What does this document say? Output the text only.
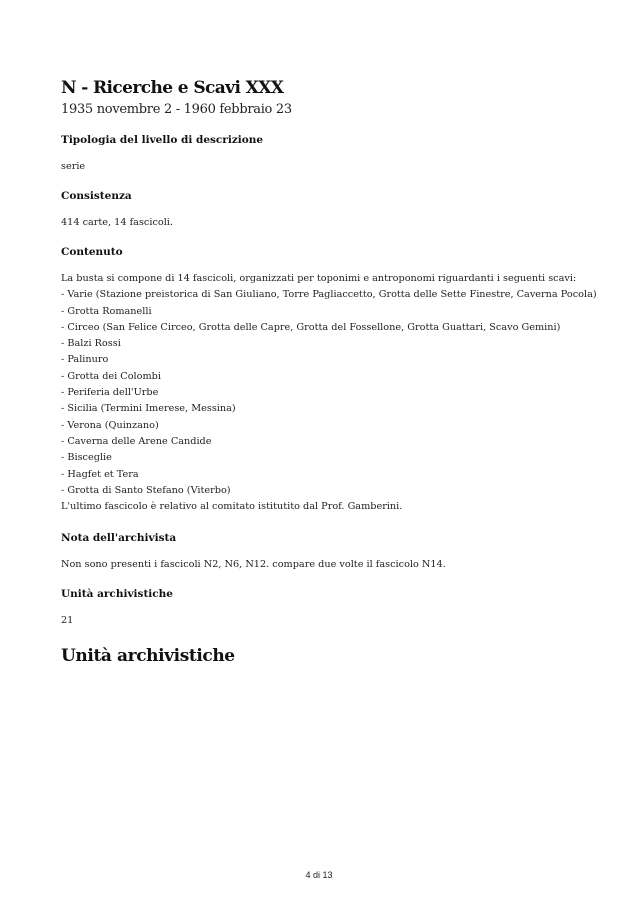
N - Ricerche e Scavi XXX
1935 novembre 2 - 1960 febbraio 23
Tipologia del livello di descrizione
serie
Consistenza
414 carte, 14 fascicoli.
Contenuto
La busta si compone di 14 fascicoli, organizzati per toponimi e antroponomi riguardanti i seguenti scavi:
- Varie (Stazione preistorica di San Giuliano, Torre Pagliaccetto, Grotta delle Sette Finestre, Caverna Pocola)
- Grotta Romanelli
- Circeo (San Felice Circeo, Grotta delle Capre, Grotta del Fossellone, Grotta Guattari, Scavo Gemini)
- Balzi Rossi
- Palinuro
- Grotta dei Colombi
- Periferia dell'Urbe
- Sicilia (Termini Imerese, Messina)
- Verona (Quinzano)
- Caverna delle Arene Candide
- Bisceglie
- Hagfet et Tera
- Grotta di Santo Stefano (Viterbo)
L'ultimo fascicolo è relativo al comitato istitutito dal Prof. Gamberini.
Nota dell'archivista
Non sono presenti i fascicoli N2, N6, N12. compare due volte il fascicolo N14.
Unità archivistiche
21
Unità archivistiche
4 di 13
